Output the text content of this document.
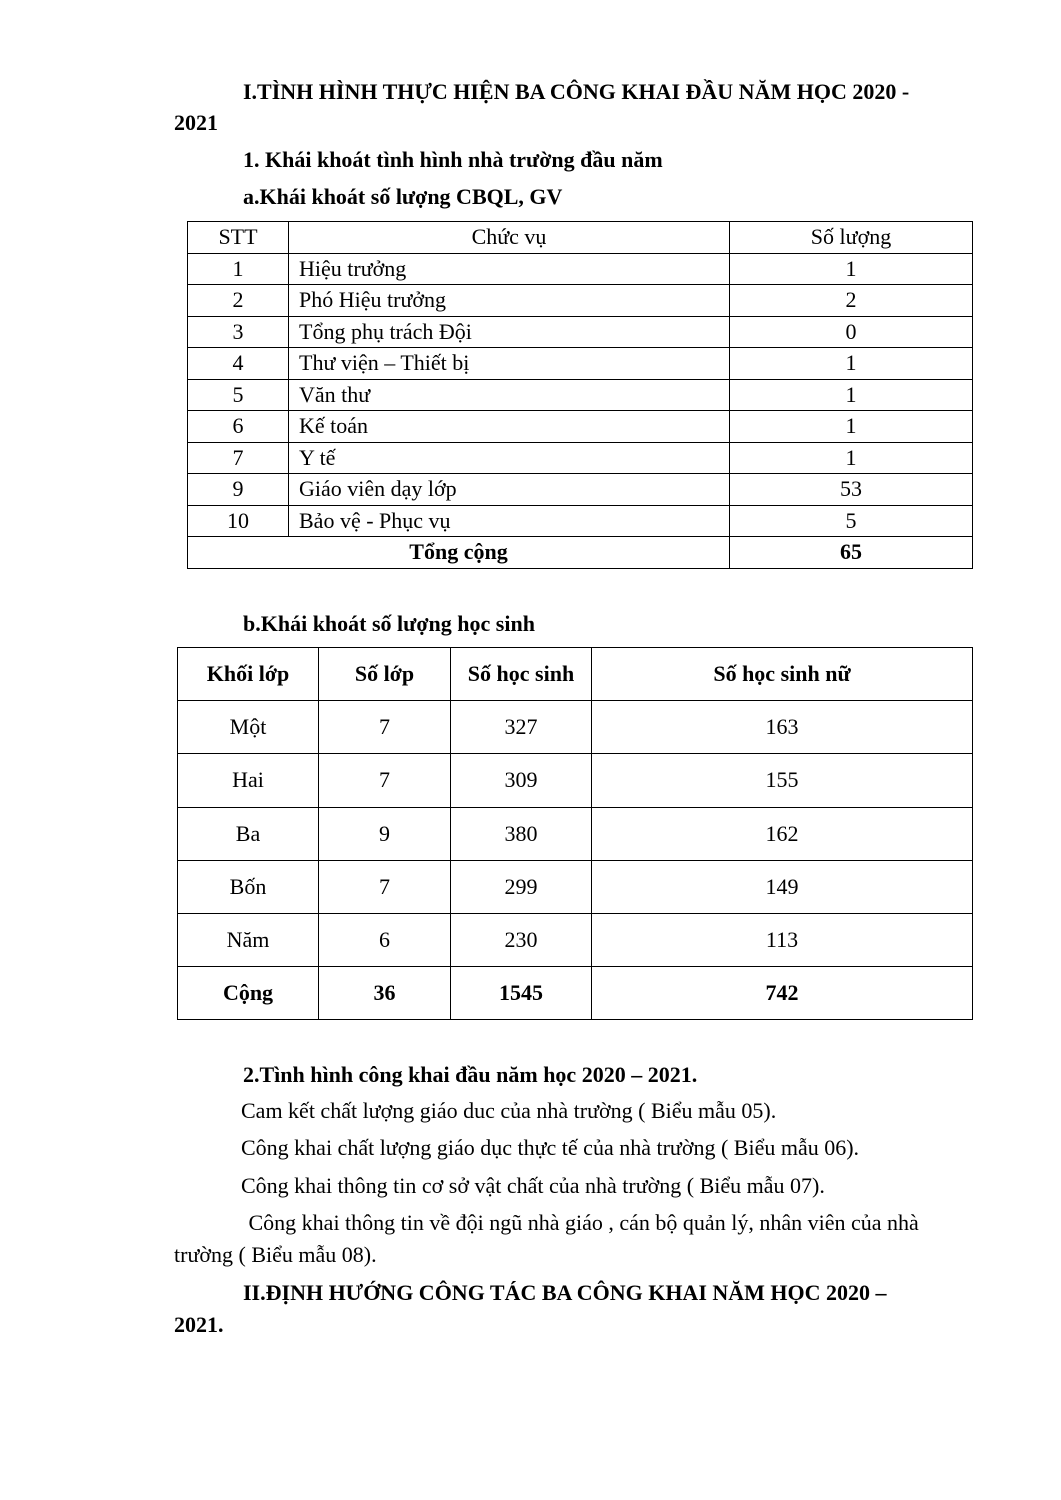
I.TÌNH HÌNH THỰC HIỆN BA CÔNG KHAI ĐẦU NĂM HỌC 2020 -
2021
1. Khái khoát tình hình nhà trường đầu năm
a.Khái khoát số lượng CBQL, GV
STT	Chức vụ	Số lượng
1	Hiệu trưởng	1
2	Phó Hiệu trưởng	2
3	Tổng phụ trách Đội	0
4	Thư viện – Thiết bị	1
5	Văn thư	1
6	Kế toán	1
7	Y tế	1
9	Giáo viên dạy lớp	53
10	Bảo vệ - Phục vụ	5
Tổng cộng		65
b.Khái khoát số lượng học sinh
Khối lớp	Số lớp	Số học sinh	Số học sinh nữ
Một	7	327	163
Hai	7	309	155
Ba	9	380	162
Bốn	7	299	149
Năm	6	230	113
Cộng	36	1545	742
2.Tình hình công khai đầu năm học 2020 – 2021.
Cam kết chất lượng giáo duc của nhà trường ( Biểu mẫu 05).
Công khai chất lượng giáo dục thực tế của nhà trường ( Biểu mẫu 06).
Công khai thông tin cơ sở vật chất của nhà trường ( Biểu mẫu 07).
Công khai thông tin về đội ngũ nhà giáo , cán bộ quản lý, nhân viên của nhà
trường ( Biểu mẫu 08).
II.ĐỊNH HƯỚNG CÔNG TÁC BA CÔNG KHAI NĂM HỌC 2020 –
2021.
